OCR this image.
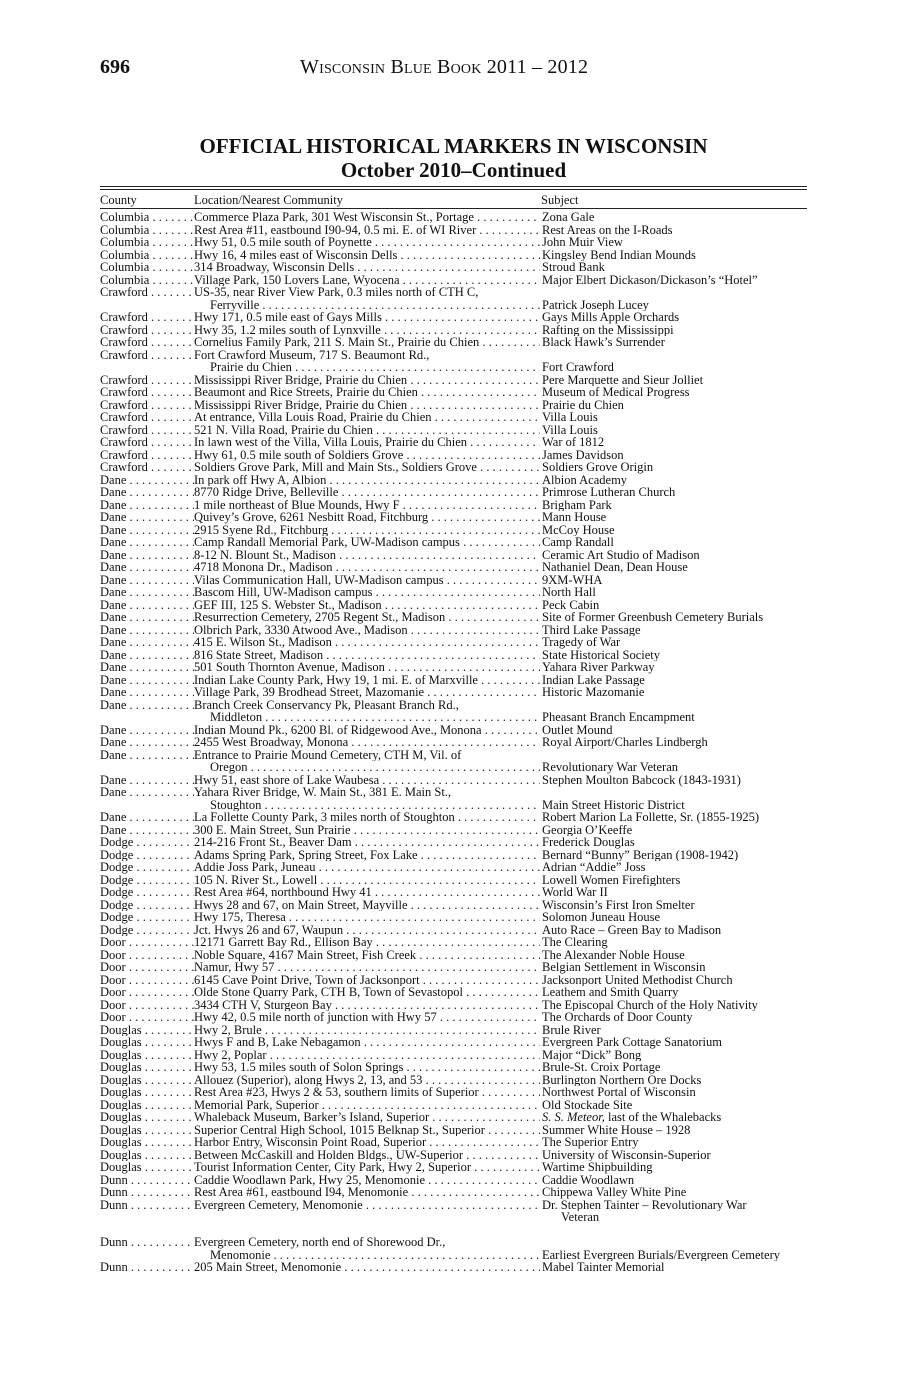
696	Wisconsin Blue Book 2011 – 2012
OFFICIAL HISTORICAL MARKERS IN WISCONSIN
October 2010–Continued
County	Location/Nearest Community	Subject
Columbia . . .	Commerce Plaza Park, 301 West Wisconsin St., Portage . . .	Zona Gale
Columbia . . .	Rest Area #11, eastbound I90-94, 0.5 mi. E. of WI River . . .	Rest Areas on the I-Roads
Columbia . . .	Hwy 51, 0.5 mile south of Poynette . . .	John Muir View
Columbia . . .	Hwy 16, 4 miles east of Wisconsin Dells . . .	Kingsley Bend Indian Mounds
Columbia . . .	314 Broadway, Wisconsin Dells . . .	Stroud Bank
Columbia . . .	Village Park, 150 Lovers Lane, Wyocena . . .	Major Elbert Dickason/Dickason’s “Hotel”
Crawford . . .	US-35, near River View Park, 0.3 miles north of CTH C,
Ferryville . . .	Patrick Joseph Lucey
Crawford . . .	Hwy 171, 0.5 mile east of Gays Mills . . .	Gays Mills Apple Orchards
Crawford . . .	Hwy 35, 1.2 miles south of Lynxville . . .	Rafting on the Mississippi
Crawford . . .	Cornelius Family Park, 211 S. Main St., Prairie du Chien . . .	Black Hawk’s Surrender
Crawford . . .	Fort Crawford Museum, 717 S. Beaumont Rd.,
Prairie du Chien . . .	Fort Crawford
Crawford . . .	Mississippi River Bridge, Prairie du Chien . . .	Pere Marquette and Sieur Jolliet
Crawford . . .	Beaumont and Rice Streets, Prairie du Chien . . .	Museum of Medical Progress
Crawford . . .	Mississippi River Bridge, Prairie du Chien . . .	Prairie du Chien
Crawford . . .	At entrance, Villa Louis Road, Prairie du Chien . . .	Villa Louis
Crawford . . .	521 N. Villa Road, Prairie du Chien . . .	Villa Louis
Crawford . . .	In lawn west of the Villa, Villa Louis, Prairie du Chien . . .	War of 1812
Crawford . . .	Hwy 61, 0.5 mile south of Soldiers Grove . . .	James Davidson
Crawford . . .	Soldiers Grove Park, Mill and Main Sts., Soldiers Grove . . .	Soldiers Grove Origin
Dane . . .	In park off Hwy A, Albion . . .	Albion Academy
Dane . . .	8770 Ridge Drive, Belleville . . .	Primrose Lutheran Church
Dane . . .	1 mile northeast of Blue Mounds, Hwy F . . .	Brigham Park
Dane . . .	Quivey’s Grove, 6261 Nesbitt Road, Fitchburg . . .	Mann House
Dane . . .	2915 Syene Rd., Fitchburg . . .	McCoy House
Dane . . .	Camp Randall Memorial Park, UW-Madison campus . . .	Camp Randall
Dane . . .	8-12 N. Blount St., Madison . . .	Ceramic Art Studio of Madison
Dane . . .	4718 Monona Dr., Madison . . .	Nathaniel Dean, Dean House
Dane . . .	Vilas Communication Hall, UW-Madison campus . . .	9XM-WHA
Dane . . .	Bascom Hill, UW-Madison campus . . .	North Hall
Dane . . .	GEF III, 125 S. Webster St., Madison . . .	Peck Cabin
Dane . . .	Resurrection Cemetery, 2705 Regent St., Madison . . .	Site of Former Greenbush Cemetery Burials
Dane . . .	Olbrich Park, 3330 Atwood Ave., Madison . . .	Third Lake Passage
Dane . . .	415 E. Wilson St., Madison . . .	Tragedy of War
Dane . . .	816 State Street, Madison . . .	State Historical Society
Dane . . .	501 South Thornton Avenue, Madison . . .	Yahara River Parkway
Dane . . .	Indian Lake County Park, Hwy 19, 1 mi. E. of Marxville . . .	Indian Lake Passage
Dane . . .	Village Park, 39 Brodhead Street, Mazomanie . . .	Historic Mazomanie
Dane . . .	Branch Creek Conservancy Pk, Pleasant Branch Rd.,
Middleton . . .	Pheasant Branch Encampment
Dane . . .	Indian Mound Pk., 6200 Bl. of Ridgewood Ave., Monona . . .	Outlet Mound
Dane . . .	2455 West Broadway, Monona . . .	Royal Airport/Charles Lindbergh
Dane . . .	Entrance to Prairie Mound Cemetery, CTH M, Vil. of
Oregon . . .	Revolutionary War Veteran
Dane . . .	Hwy 51, east shore of Lake Waubesa . . .	Stephen Moulton Babcock (1843-1931)
Dane . . .	Yahara River Bridge, W. Main St., 381 E. Main St.,
Stoughton . . .	Main Street Historic District
Dane . . .	La Follette County Park, 3 miles north of Stoughton . . .	Robert Marion La Follette, Sr. (1855-1925)
Dane . . .	300 E. Main Street, Sun Prairie . . .	Georgia O’Keeffe
Dodge . . .	214-216 Front St., Beaver Dam . . .	Frederick Douglas
Dodge . . .	Adams Spring Park, Spring Street, Fox Lake . . .	Bernard “Bunny” Berigan (1908-1942)
Dodge . . .	Addie Joss Park, Juneau . . .	Adrian “Addie” Joss
Dodge . . .	105 N. River St., Lowell . . .	Lowell Women Firefighters
Dodge . . .	Rest Area #64, northbound Hwy 41 . . .	World War II
Dodge . . .	Hwys 28 and 67, on Main Street, Mayville . . .	Wisconsin’s First Iron Smelter
Dodge . . .	Hwy 175, Theresa . . .	Solomon Juneau House
Dodge . . .	Jct. Hwys 26 and 67, Waupun . . .	Auto Race – Green Bay to Madison
Door . . .	12171 Garrett Bay Rd., Ellison Bay . . .	The Clearing
Door . . .	Noble Square, 4167 Main Street, Fish Creek . . .	The Alexander Noble House
Door . . .	Namur, Hwy 57 . . .	Belgian Settlement in Wisconsin
Door . . .	6145 Cave Point Drive, Town of Jacksonport . . .	Jacksonport United Methodist Church
Door . . .	Olde Stone Quarry Park, CTH B, Town of Sevastopol . . .	Leathem and Smith Quarry
Door . . .	3434 CTH V, Sturgeon Bay . . .	The Episcopal Church of the Holy Nativity
Door . . .	Hwy 42, 0.5 mile north of junction with Hwy 57 . . .	The Orchards of Door County
Douglas . . .	Hwy 2, Brule . . .	Brule River
Douglas . . .	Hwys F and B, Lake Nebagamon . . .	Evergreen Park Cottage Sanatorium
Douglas . . .	Hwy 2, Poplar . . .	Major “Dick” Bong
Douglas . . .	Hwy 53, 1.5 miles south of Solon Springs . . .	Brule-St. Croix Portage
Douglas . . .	Allouez (Superior), along Hwys 2, 13, and 53 . . .	Burlington Northern Ore Docks
Douglas . . .	Rest Area #23, Hwys 2 & 53, southern limits of Superior . . .	Northwest Portal of Wisconsin
Douglas . . .	Memorial Park, Superior . . .	Old Stockade Site
Douglas . . .	Whaleback Museum, Barker’s Island, Superior . . .	S. S. Meteor, last of the Whalebacks
Douglas . . .	Superior Central High School, 1015 Belknap St., Superior . . .	Summer White House – 1928
Douglas . . .	Harbor Entry, Wisconsin Point Road, Superior . . .	The Superior Entry
Douglas . . .	Between McCaskill and Holden Bldgs., UW-Superior . . .	University of Wisconsin-Superior
Douglas . . .	Tourist Information Center, City Park, Hwy 2, Superior . . .	Wartime Shipbuilding
Dunn . . .	Caddie Woodlawn Park, Hwy 25, Menomonie . . .	Caddie Woodlawn
Dunn . . .	Rest Area #61, eastbound I94, Menomonie . . .	Chippewa Valley White Pine
Dunn . . .	Evergreen Cemetery, Menomonie . . .	Dr. Stephen Tainter – Revolutionary War
Veteran
Dunn . . .	Evergreen Cemetery, north end of Shorewood Dr.,
Menomonie . . .	Earliest Evergreen Burials/Evergreen Cemetery
Dunn . . .	205 Main Street, Menomonie . . .	Mabel Tainter Memorial
